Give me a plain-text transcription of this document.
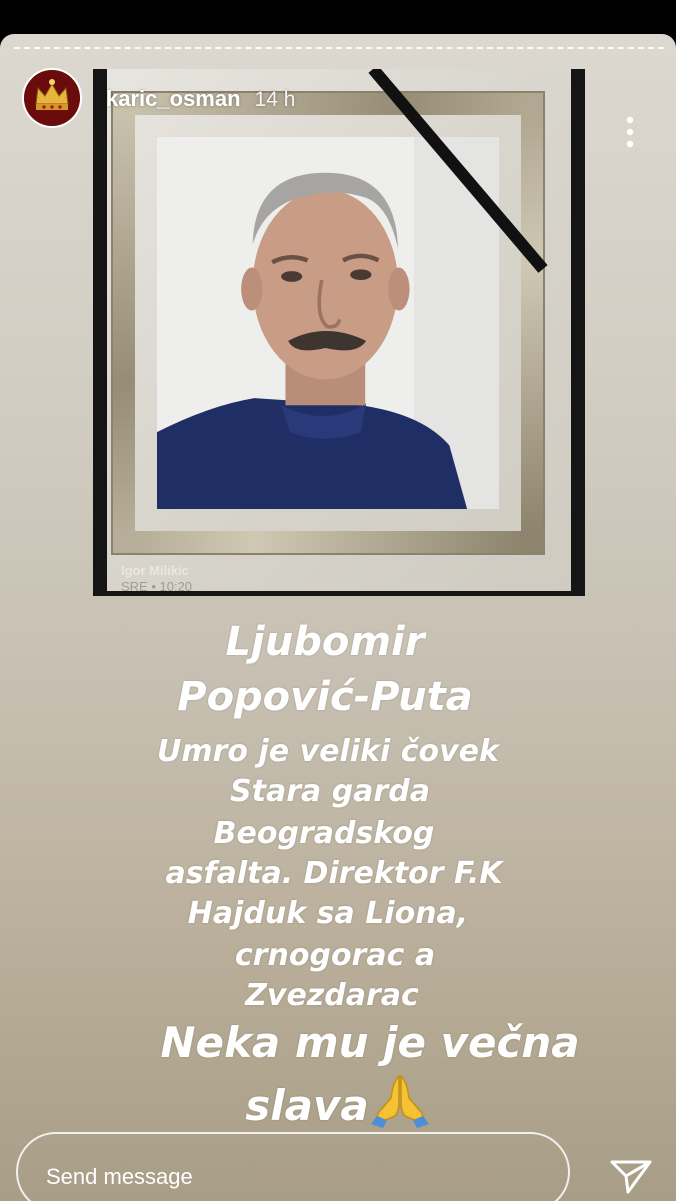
Igor Milikic
SRE • 10:20
Ljubomir
Popović-Puta
Umro je veliki čovek
Stara garda
Beogradskog
asfalta. Direktor F.K
Hajduk sa Liona,
crnogorac a
Zvezdarac
Neka mu je večna
slava
Send message
karic_osman 14 h
